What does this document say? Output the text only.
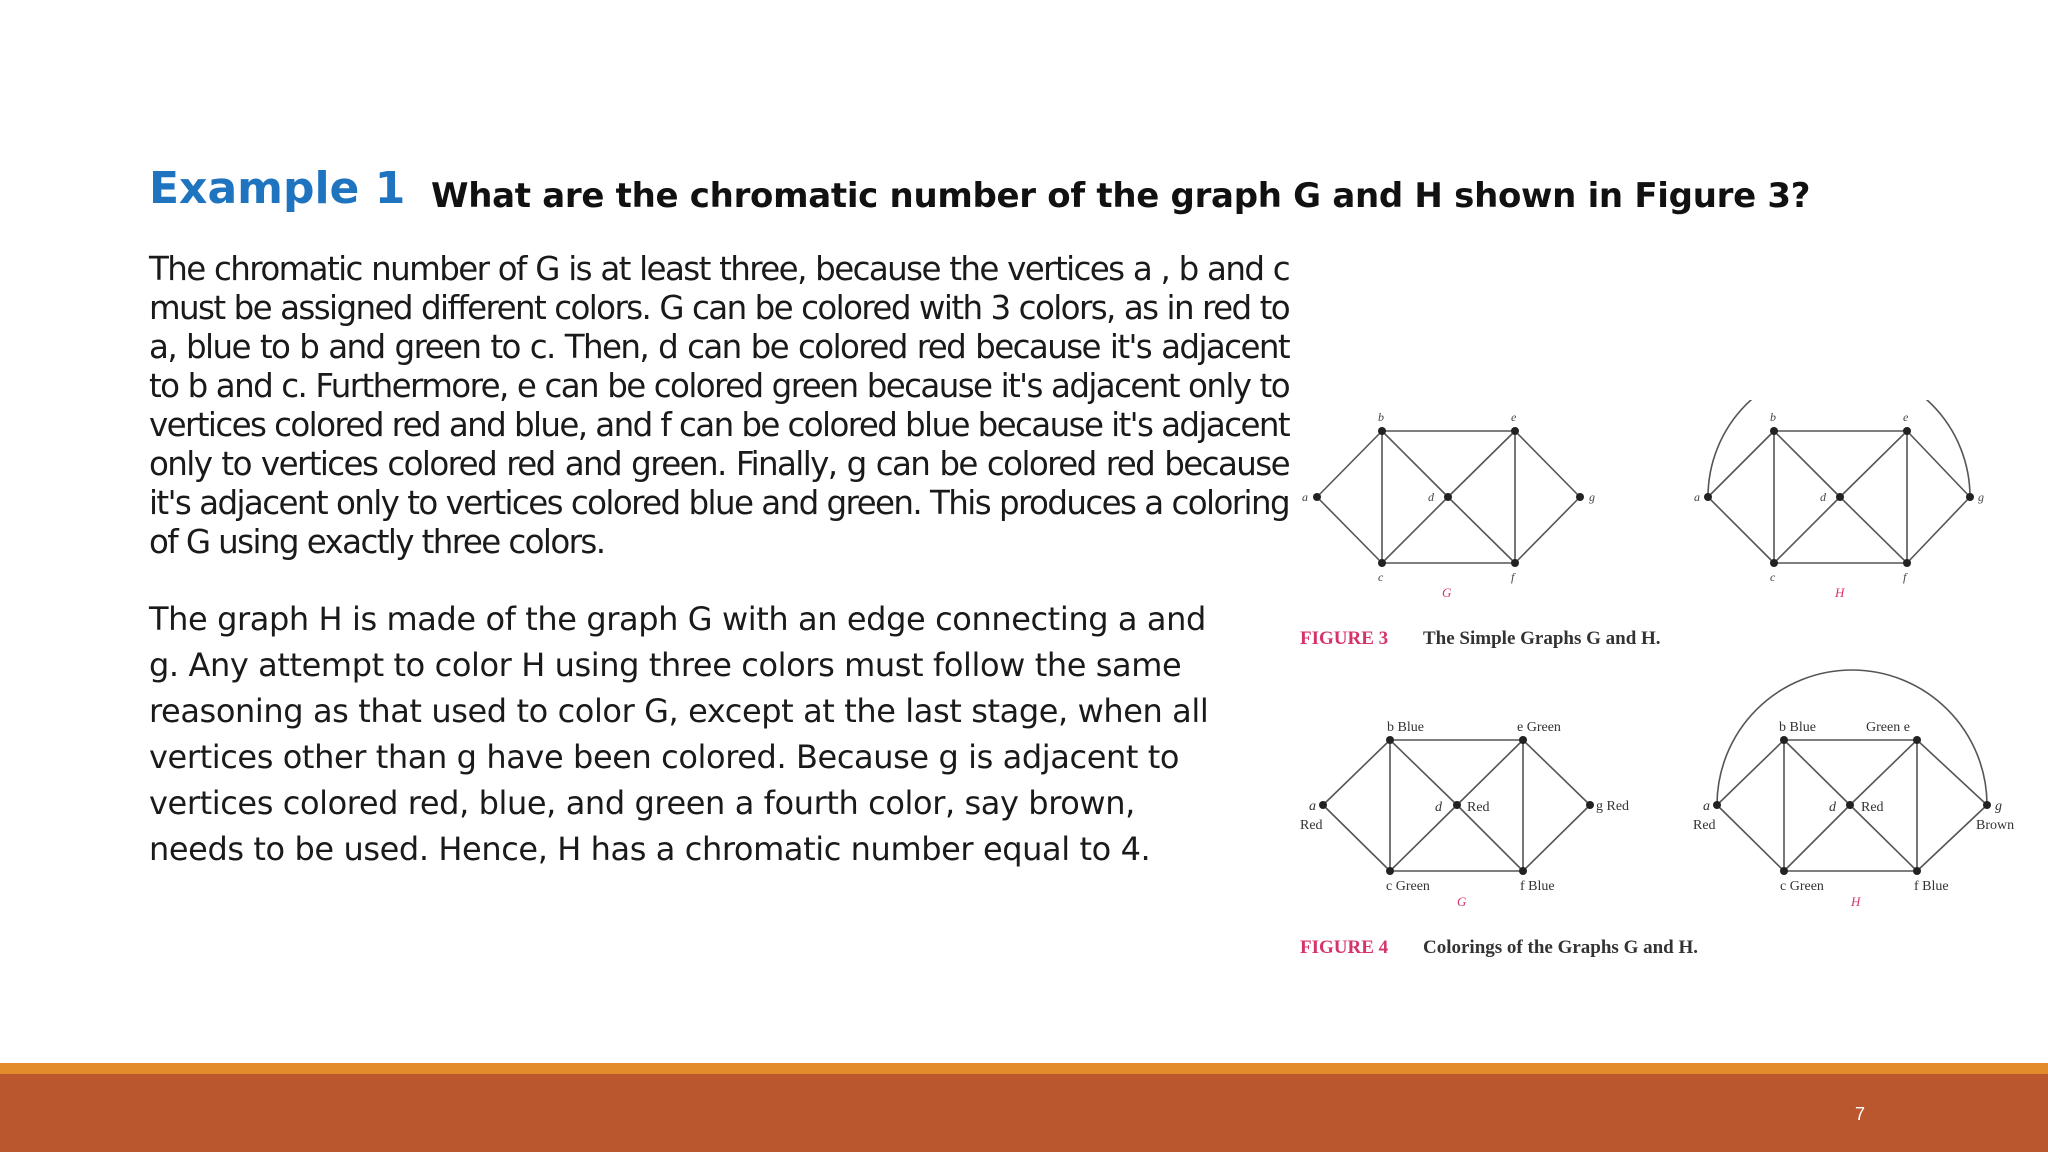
Example 1 What are the chromatic number of the graph G and H shown in Figure 3?

The chromatic number of G is at least three, because the vertices a , b and c must be assigned different colors. G can be colored with 3 colors, as in red to a, blue to b and green to c. Then, d can be colored red because it's adjacent to b and c. Furthermore, e can be colored green because it's adjacent only to vertices colored red and blue, and f can be colored blue because it's adjacent only to vertices colored red and green. Finally, g can be colored red because it's adjacent only to vertices colored blue and green. This produces a coloring of G using exactly three colors.

The graph H is made of the graph G with an edge connecting a and g. Any attempt to color H using three colors must follow the same reasoning as that used to color G, except at the last stage, when all vertices other than g have been colored. Because g is adjacent to vertices colored red, blue, and green a fourth color, say brown, needs to be used. Hence, H has a chromatic number equal to 4.

a
b
c
d
e
f
g
G
a
b
c
d
e
f
g
H
FIGURE 3 The Simple Graphs G and H.
b Blue	e Green
a
Red
d Red	g Red
c Green	f Blue
G
b Blue	Green e
a
Red
d Red	g
Brown
c Green	f Blue
H
FIGURE 4 Colorings of the Graphs G and H.
7
